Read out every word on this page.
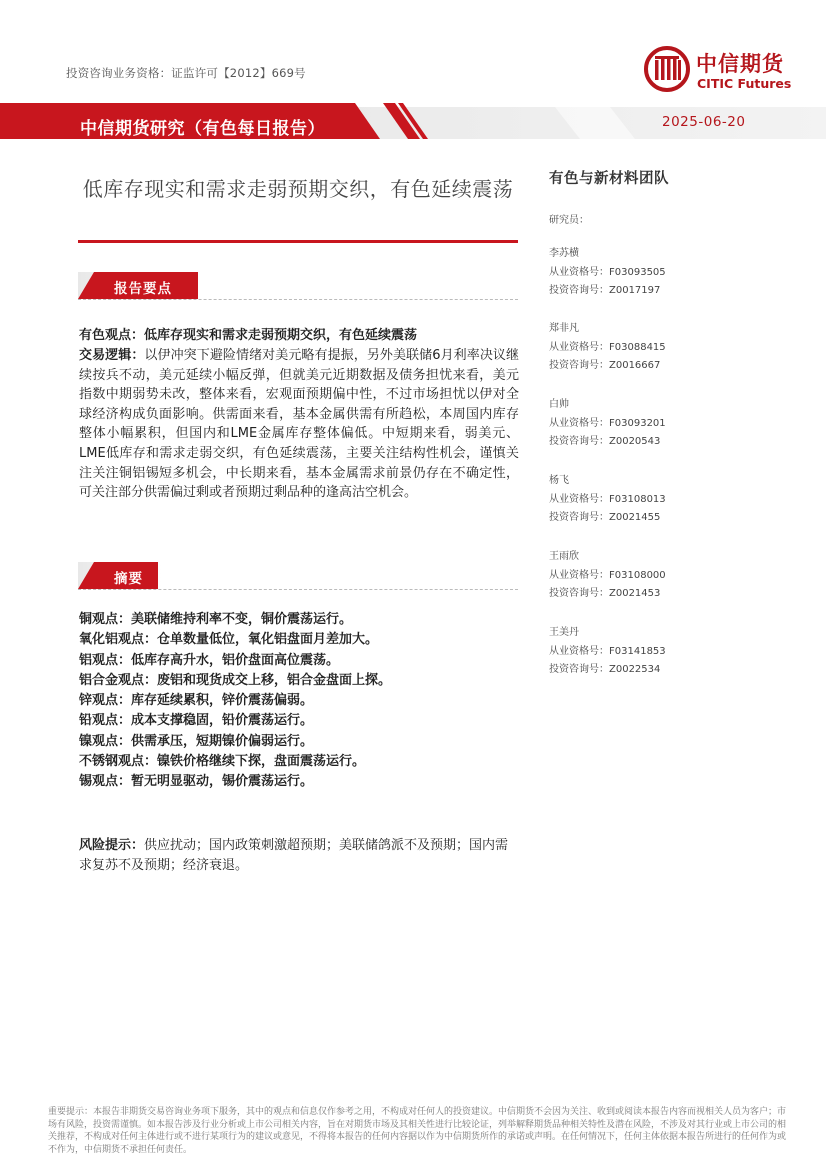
投资咨询业务资格：证监许可【2012】669号	中信期货
CITIC Futures
中信期货研究（有色每日报告）	2025-06-20
低库存现实和需求走弱预期交织，有色延续震荡
报告要点
有色观点：低库存现实和需求走弱预期交织，有色延续震荡
交易逻辑：以伊冲突下避险情绪对美元略有提振，另外美联储6月利率决议继续按兵不动，美元延续小幅反弹，但就美元近期数据及债务担忧来看，美元指数中期弱势未改，整体来看，宏观面预期偏中性，不过市场担忧以伊对全球经济构成负面影响。供需面来看，基本金属供需有所趋松，本周国内库存整体小幅累积，但国内和LME金属库存整体偏低。中短期来看，弱美元、LME低库存和需求走弱交织，有色延续震荡，主要关注结构性机会，谨慎关注关注铜铝锡短多机会，中长期来看，基本金属需求前景仍存在不确定性，可关注部分供需偏过剩或者预期过剩品种的逢高沽空机会。
摘要
铜观点：美联储维持利率不变，铜价震荡运行。
氧化铝观点：仓单数量低位，氧化铝盘面月差加大。
铝观点：低库存高升水，铝价盘面高位震荡。
铝合金观点：废铝和现货成交上移，铝合金盘面上探。
锌观点：库存延续累积，锌价震荡偏弱。
铅观点：成本支撑稳固，铅价震荡运行。
镍观点：供需承压，短期镍价偏弱运行。
不锈钢观点：镍铁价格继续下探，盘面震荡运行。
锡观点：暂无明显驱动，锡价震荡运行。
风险提示：供应扰动；国内政策刺激超预期；美联储鸽派不及预期；国内需求复苏不及预期；经济衰退。
有色与新材料团队
研究员：
李苏横
从业资格号：F03093505
投资咨询号：Z0017197
郑非凡
从业资格号：F03088415
投资咨询号：Z0016667
白帅
从业资格号：F03093201
投资咨询号：Z0020543
杨飞
从业资格号：F03108013
投资咨询号：Z0021455
王雨欣
从业资格号：F03108000
投资咨询号：Z0021453
王美丹
从业资格号：F03141853
投资咨询号：Z0022534
重要提示：本报告非期货交易咨询业务项下服务，其中的观点和信息仅作参考之用，不构成对任何人的投资建议。中信期货不会因为关注、收到或阅读本报告内容而视相关人员为客户；市场有风险，投资需谨慎。如本报告涉及行业分析或上市公司相关内容，旨在对期货市场及其相关性进行比较论证，列举解释期货品种相关特性及潜在风险，不涉及对其行业或上市公司的相关推荐，不构成对任何主体进行或不进行某项行为的建议或意见，不得将本报告的任何内容据以作为中信期货所作的承诺或声明。在任何情况下，任何主体依据本报告所进行的任何作为或不作为，中信期货不承担任何责任。
